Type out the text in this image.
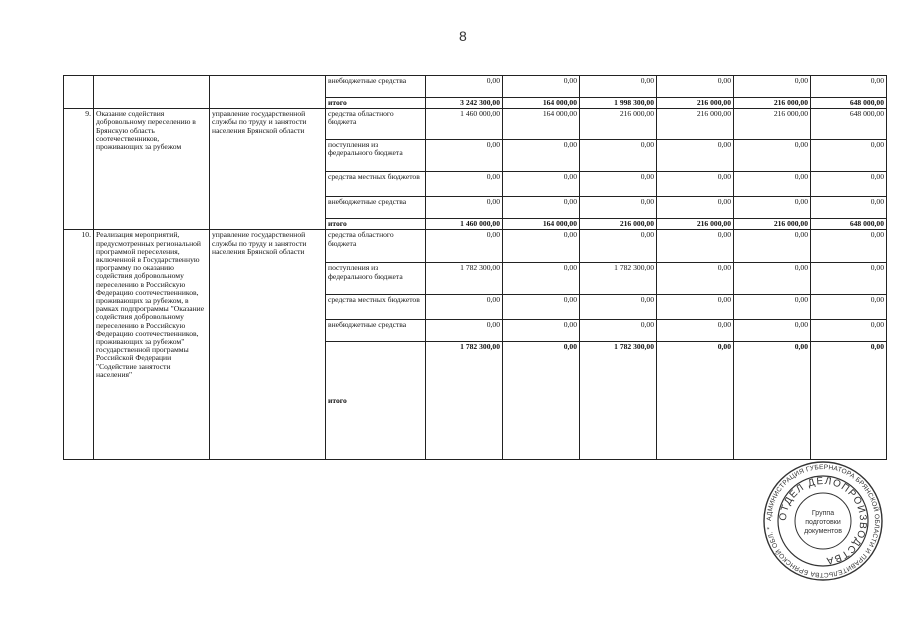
8
			внебюджетные средства	0,00	0,00	0,00	0,00	0,00	0,00
			итого	3 242 300,00	164 000,00	1 998 300,00	216 000,00	216 000,00	648 000,00
9.	Оказание содействия добровольному переселению в Брянскую область соотечественников, проживающих за рубежом	управление государственной службы по труду и занятости населения Брянской области	средства областного бюджета	1 460 000,00	164 000,00	216 000,00	216 000,00	216 000,00	648 000,00
			поступления из федерального бюджета	0,00	0,00	0,00	0,00	0,00	0,00
			средства местных бюджетов	0,00	0,00	0,00	0,00	0,00	0,00
			внебюджетные средства	0,00	0,00	0,00	0,00	0,00	0,00
			итого	1 460 000,00	164 000,00	216 000,00	216 000,00	216 000,00	648 000,00
10.	Реализация мероприятий, предусмотренных региональной программой переселения, включенной в Государственную программу по оказанию содействия добровольному переселению в Российскую Федерацию соотечественников, проживающих за рубежом, в рамках подпрограммы "Оказание содействия добровольному переселению в Российскую Федерацию соотечественников, проживающих за рубежом" государственной программы Российской Федерации "Содействие занятости населения"	управление государственной службы по труду и занятости населения Брянской области	средства областного бюджета	0,00	0,00	0,00	0,00	0,00	0,00
			поступления из федерального бюджета	1 782 300,00	0,00	1 782 300,00	0,00	0,00	0,00
			средства местных бюджетов	0,00	0,00	0,00	0,00	0,00	0,00
			внебюджетные средства	0,00	0,00	0,00	0,00	0,00	0,00
			итого	1 782 300,00	0,00	1 782 300,00	0,00	0,00	0,00
АДМИНИСТРАЦИЯ ГУБЕРНАТОРА БРЯНСКОЙ ОБЛАСТИ И ПРАВИТЕЛЬСТВА БРЯНСКОЙ ОБЛ. *
ОТДЕЛ ДЕЛОПРОИЗВОДСТВА
Группа
подготовки
документов
